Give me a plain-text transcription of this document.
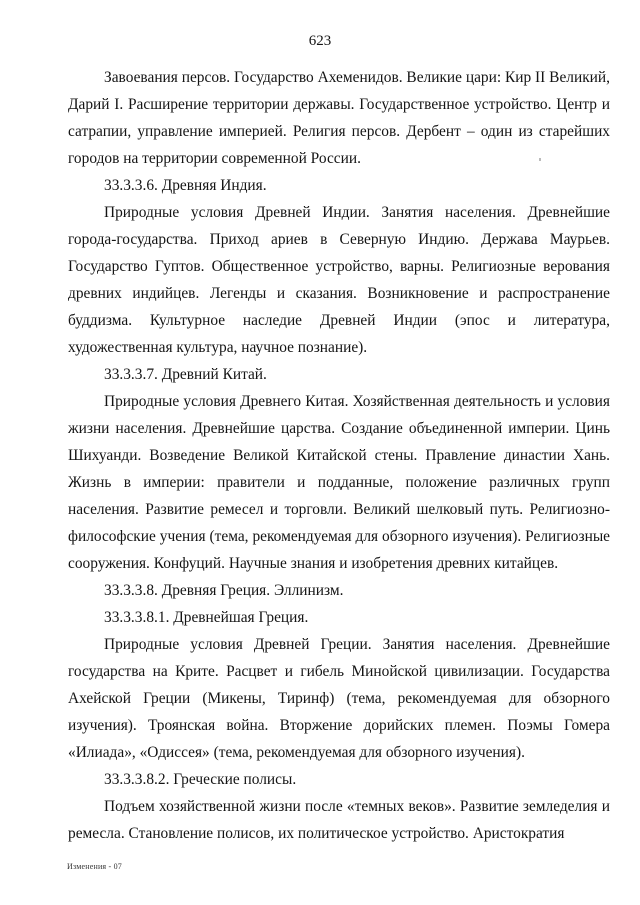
623

Завоевания персов. Государство Ахеменидов. Великие цари: Кир II Великий, Дарий I. Расширение территории державы. Государственное устройство. Центр и сатрапии, управление империей. Религия персов. Дербент – один из старейших городов на территории современной России.

33.3.3.6. Древняя Индия.

Природные условия Древней Индии. Занятия населения. Древнейшие города-государства. Приход ариев в Северную Индию. Держава Маурьев. Государство Гуптов. Общественное устройство, варны. Религиозные верования древних индийцев. Легенды и сказания. Возникновение и распространение буддизма. Культурное наследие Древней Индии (эпос и литература, художественная культура, научное познание).

33.3.3.7. Древний Китай.

Природные условия Древнего Китая. Хозяйственная деятельность и условия жизни населения. Древнейшие царства. Создание объединенной империи. Цинь Шихуанди. Возведение Великой Китайской стены. Правление династии Хань. Жизнь в империи: правители и подданные, положение различных групп населения. Развитие ремесел и торговли. Великий шелковый путь. Религиозно-философские учения (тема, рекомендуемая для обзорного изучения). Религиозные сооружения. Конфуций. Научные знания и изобретения древних китайцев.

33.3.3.8. Древняя Греция. Эллинизм.

33.3.3.8.1. Древнейшая Греция.

Природные условия Древней Греции. Занятия населения. Древнейшие государства на Крите. Расцвет и гибель Минойской цивилизации. Государства Ахейской Греции (Микены, Тиринф) (тема, рекомендуемая для обзорного изучения). Троянская война. Вторжение дорийских племен. Поэмы Гомера «Илиада», «Одиссея» (тема, рекомендуемая для обзорного изучения).

33.3.3.8.2. Греческие полисы.

Подъем хозяйственной жизни после «темных веков». Развитие земледелия и ремесла. Становление полисов, их политическое устройство. Аристократия

Изменения - 07
